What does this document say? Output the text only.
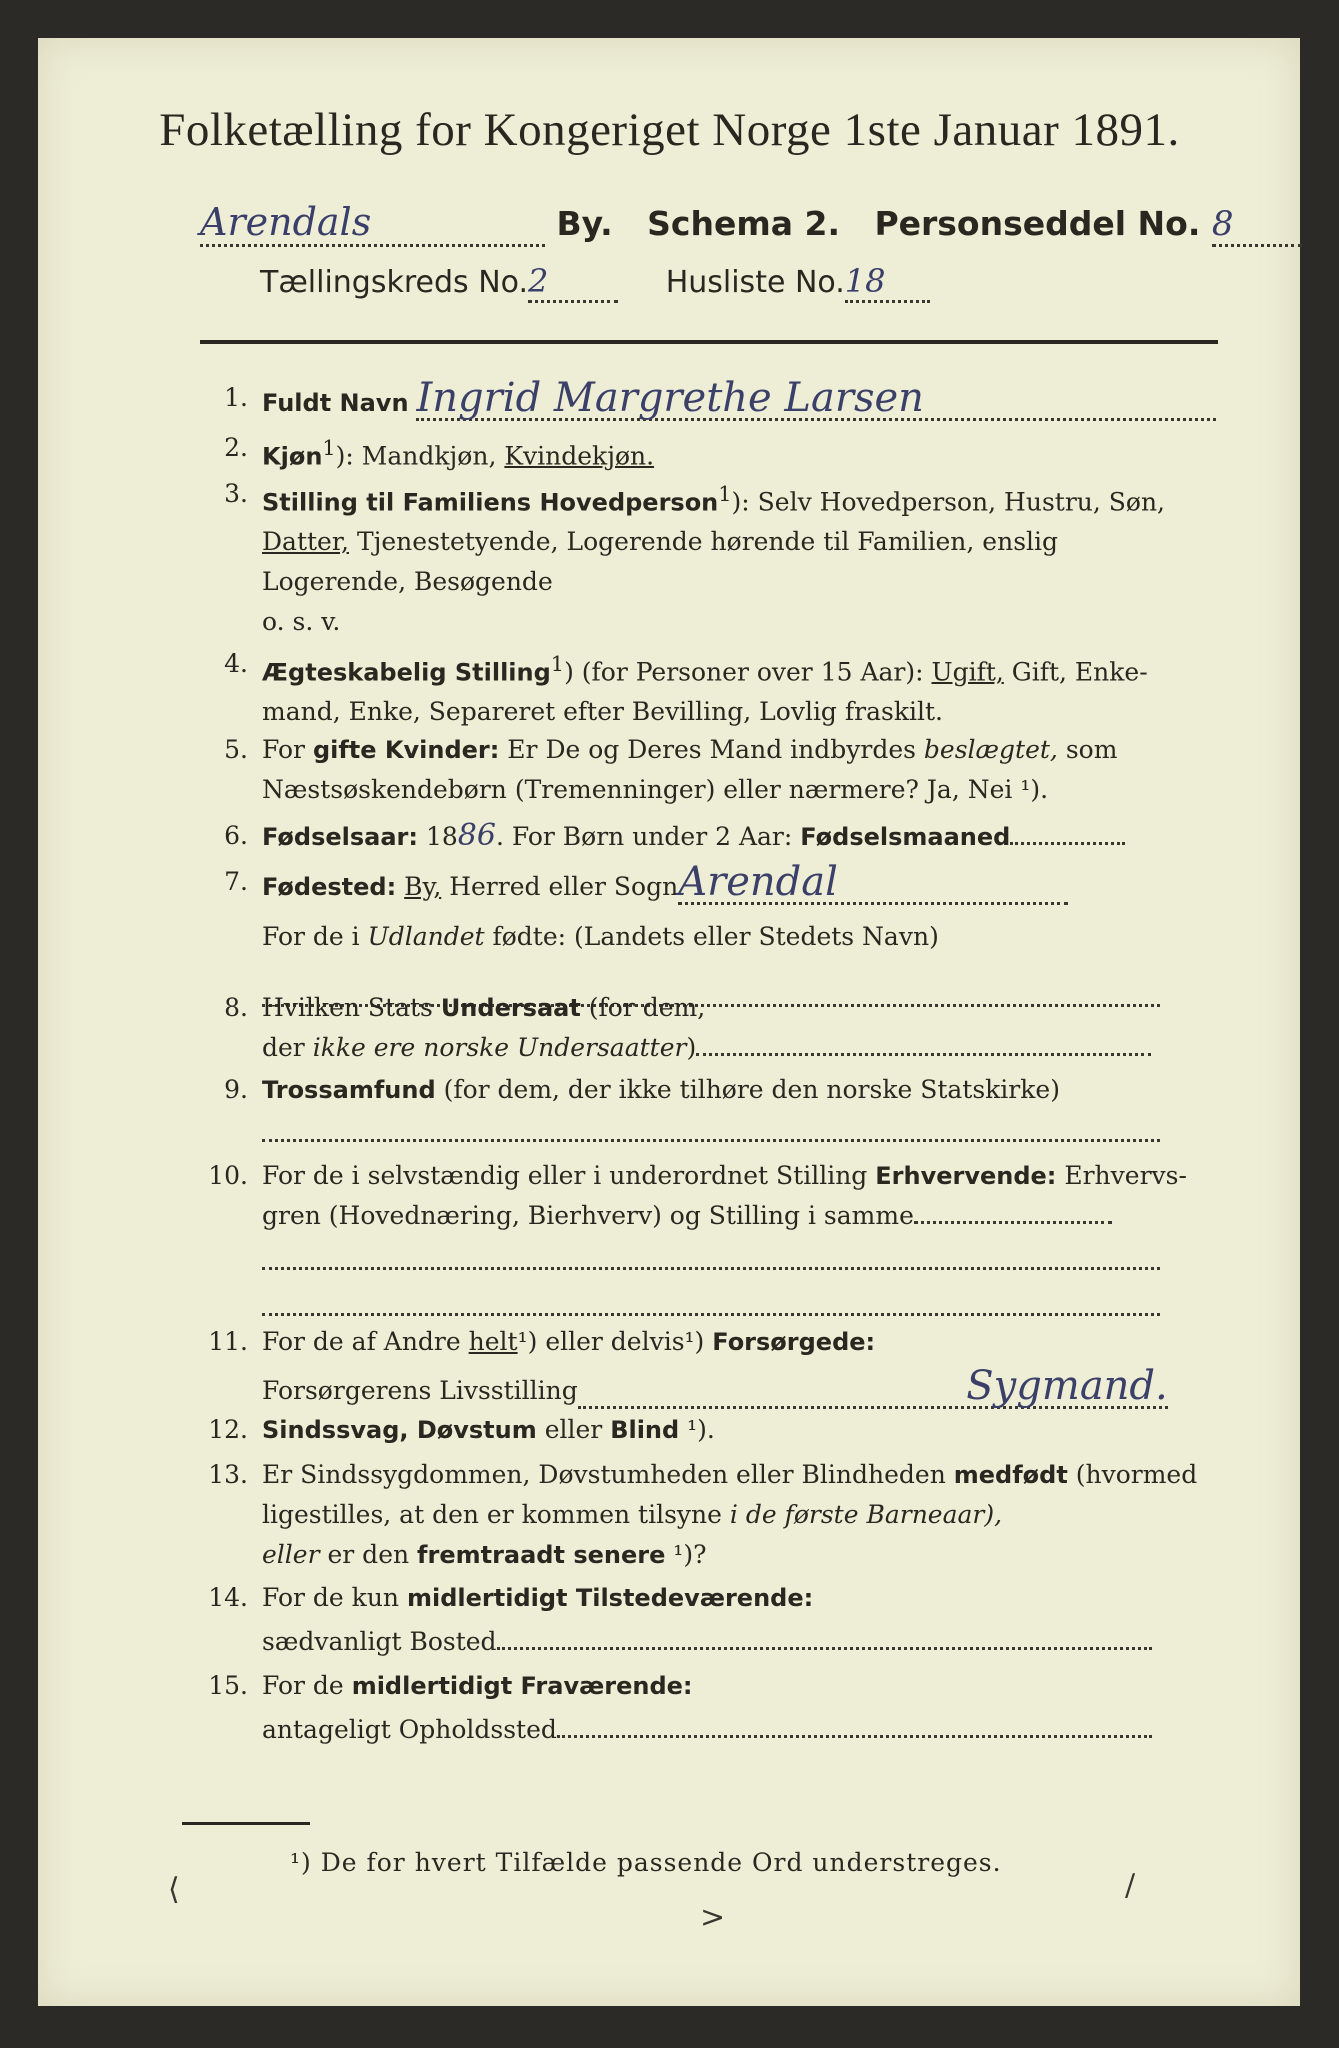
Folketælling for Kongeriget Norge 1ste Januar 1891.
Arendals	By. Schema 2. Personseddel No. 8
Tællingskreds No.2	Husliste No.18
1. Fuldt Navn Ingrid Margrethe Larsen
2. Kjøn$^1$): Mandkjøn, Kvindekjøn.
3. Stilling til Familiens Hovedperson$^1$): Selv Hovedperson, Hustru, Søn,
Datter, Tjenestetyende, Logerende hørende til Familien, enslig
Logerende, Besøgende
o. s. v.
4. Ægteskabelig Stilling$^1$) (for Personer over 15 Aar): Ugift, Gift, Enke-
mand, Enke, Separeret efter Bevilling, Lovlig fraskilt.
5. For gifte Kvinder: Er De og Deres Mand indbyrdes beslægtet, som
Næstsøskendebørn (Tremenninger) eller nærmere? Ja, Nei ¹).
6. Fødselsaar: 1886. For Børn under 2 Aar: Fødselsmaaned
7. Fødested: By, Herred eller SognArendal
For de i Udlandet fødte: (Landets eller Stedets Navn)
8. Hvilken Stats Undersaat (for dem,
der ikke ere norske Undersaatter)
9. Trossamfund (for dem, der ikke tilhøre den norske Statskirke)
10. For de i selvstændig eller i underordnet Stilling Erhvervende: Erhvervs-
gren (Hovednæring, Bierhverv) og Stilling i samme
11. For de af Andre helt¹) eller delvis¹) Forsørgede:
Forsørgerens Livsstilling	Sygmand.
12. Sindssvag, Døvstum eller Blind ¹).
13. Er Sindssygdommen, Døvstumheden eller Blindheden medfødt (hvormed
ligestilles, at den er kommen tilsyne i de første Barneaar),
eller er den fremtraadt senere ¹)?
14. For de kun midlertidigt Tilstedeværende:
sædvanligt Bosted
15. For de midlertidigt Fraværende:
antageligt Opholdssted
¹) De for hvert Tilfælde passende Ord understreges.
⟨
>
/
